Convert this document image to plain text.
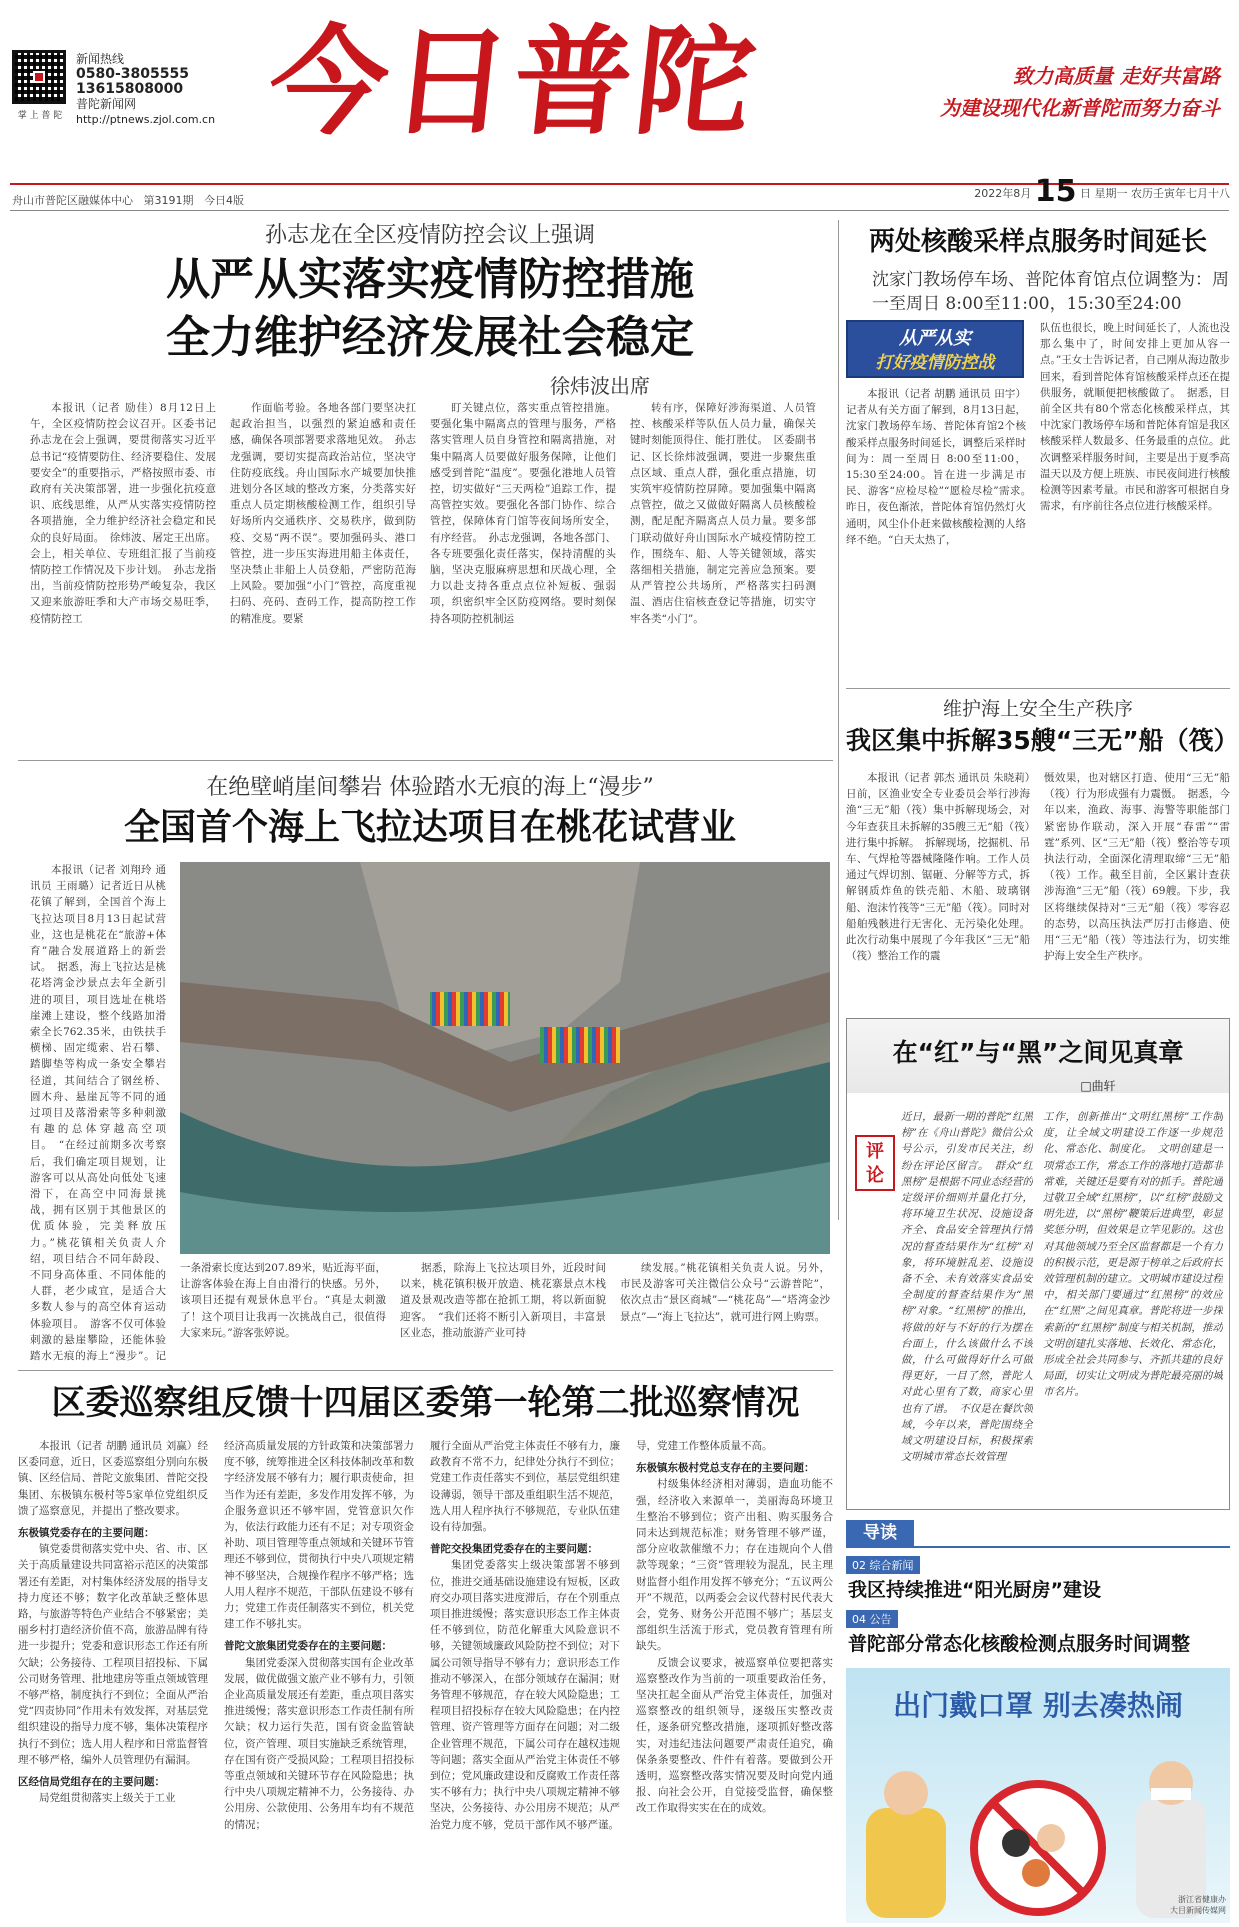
掌 上 普 陀
新闻热线
0580-3805555
13615808000
普陀新闻网
http://ptnews.zjol.com.cn 今日普陀	致力高质量 走好共富路
为建设现代化新普陀而努力奋斗
舟山市普陀区融媒体中心 第3191期 今日4版
2022年8月 15 日 星期一 农历壬寅年七月十八
孙志龙在全区疫情防控会议上强调
从严从实落实疫情防控措施
全力维护经济发展社会稳定
徐炜波出席

本报讯（记者 励佳）8月12日上午，全区疫情防控会议召开。区委书记孙志龙在会上强调，要贯彻落实习近平总书记“疫情要防住、经济要稳住、发展要安全”的重要指示，严格按照市委、市政府有关决策部署，进一步强化抗疫意识、底线思维，从严从实落实疫情防控各项措施，全力维护经济社会稳定和民众的良好局面。　徐炜波、屠定王出席。会上，相关单位、专班组汇报了当前疫情防控工作情况及下步计划。　孙志龙指出，当前疫情防控形势严峻复杂，我区又迎来旅游旺季和大产市场交易旺季，疫情防控工

作面临考验。各地各部门要坚决扛起政治担当，以强烈的紧迫感和责任感，确保各项部署要求落地见效。　孙志龙强调，要切实提高政治站位，坚决守住防疫底线。舟山国际水产城要加快推进划分各区域的整改方案，分类落实好重点人员定期核酸检测工作，组织引导好场所内交通秩序、交易秩序，做到防疫、交易“两不误”。要加强码头、港口管控，进一步压实海进用船主体责任，坚决禁止非船上人员登船，严密防范海上风险。要加强“小门”管控，高度重视扫码、亮码、查码工作，提高防控工作的精准度。要紧

盯关键点位，落实重点管控措施。要强化集中隔离点的管理与服务，严格落实管理人员自身管控和隔离措施，对集中隔离人员要做好服务保障，让他们感受到普陀“温度”。要强化港地人员管控，切实做好“三天两检”追踪工作，提高管控实效。要强化各部门协作、综合管控，保障体育门馆等夜间场所安全，有序经营。　孙志龙强调，各地各部门、各专班要强化责任落实，保持清醒的头脑，坚决克服麻痹思想和厌战心理，全力以赴支持各重点点位补短板、强弱项，织密织牢全区防疫网络。要时刻保持各项防控机制运

转有序，保障好涉海渠道、人员管控、核酸采样等队伍人员力量，确保关键时刻能顶得住、能打胜仗。　区委副书记、区长徐炜波强调，要进一步聚焦重点区域、重点人群，强化重点措施，切实筑牢疫情防控屏障。要加强集中隔离点管控，做之又做做好隔离人员核酸检测，配足配齐隔离点人员力量。要多部门联动做好舟山国际水产城疫情防控工作，围绕车、船、人等关键领域，落实落细相关措施，制定完善应急预案。要从严管控公共场所，严格落实扫码测温、酒店住宿核查登记等措施，切实守牢各类“小门”。

在绝壁峭崖间攀岩 体验踏水无痕的海上“漫步”
全国首个海上飞拉达项目在桃花试营业

本报讯（记者 刘翔玲 通讯员 王雨璐）记者近日从桃花镇了解到，全国首个海上飞拉达项目8月13日起试营业，这也是桃花在“旅游+体育”融合发展道路上的新尝试。　据悉，海上飞拉达是桃花塔湾金沙景点去年全新引进的项目，项目选址在桃塔崖滩上建设，整个线路加滑索全长762.35米，由铁扶手横梯、固定缆索、岩石攀、踏脚垫等构成一条安全攀岩径道，其间结合了钢丝桥、圆木舟、悬崖瓦等不同的通过项目及落滑索等多种刺激有趣的总体穿越高空项目。　“在经过前期多次考察后，我们确定项目规划，让游客可以从高处向低处飞速滑下，在高空中同海景挑战，拥有区别于其他景区的优质体验，完美释放压力。”桃花镇相关负责人介绍，项目结合不同年龄段、不同身高体重、不同体能的人群，老少咸宜，是适合大多数人参与的高空体育运动体验项目。　游客不仅可体验刺激的悬崖攀险，还能体验踏水无痕的海上“漫步”。记

一条滑索长度达到207.89米，贴近海平面，让游客体验在海上自由滑行的快感。另外，该项目还提有观景休息平台。“真是太刺激了！这个项目让我再一次挑战自己，很值得大家来玩。”游客张婷说。

据悉，除海上飞拉达项目外，近段时间以来，桃花镇积极开放造、桃花寨景点木栈道及景观改造等都在抢抓工期，将以新面貌迎客。　“我们还将不断引入新项目，丰富景区业态，推动旅游产业可持

续发展。”桃花镇相关负责人说。另外，市民及游客可关注微信公众号“云游普陀”，依次点击“景区商城”—“桃花岛”—“塔湾金沙景点”—“海上飞拉达”，就可进行网上购票。

区委巡察组反馈十四届区委第一轮第二批巡察情况

本报讯（记者 胡鹏 通讯员 刘赢）经区委同意，近日，区委巡察组分别向东极镇、区经信局、普陀文旅集团、普陀交投集团、东极镇东极村等5家单位党组织反馈了巡察意见，并提出了整改要求。

东极镇党委存在的主要问题：

镇党委贯彻落实党中央、省、市、区关于高质量建设共同富裕示范区的决策部署还有差距，对村集体经济发展的指导支持力度还不够；数字化改革缺乏整体思路，与旅游等特色产业结合不够紧密；美丽乡村打造经济价值不高，旅游品牌有待进一步提升；党委和意识形态工作还有所欠缺；公务接待、工程项目招投标、下属公司财务管理、批地建房等重点领域管理不够严格，制度执行不到位；全面从严治党“四责协同”作用未有效发挥，对基层党组织建设的指导力度不够，集体决策程序执行不到位；选人用人程序和日常监督管理不够严格，编外人员管理仍有漏洞。

区经信局党组存在的主要问题：

局党组贯彻落实上级关于工业

经济高质量发展的方针政策和决策部署力度不够，统筹推进全区科技体制改革和数字经济发展不够有力；履行职责使命，担当作为还有差距，多发作用发挥不够，为企服务意识还不够牢固，党管意识欠作为，依法行政能力还有不足；对专项资金补助、项目管理等重点领域和关键环节管理还不够到位，贯彻执行中央八项规定精神不够坚决，合规操作程序不够严格；选人用人程序不规范，干部队伍建设不够有力；党建工作责任制落实不到位，机关党建工作不够扎实。

普陀文旅集团党委存在的主要问题：

集团党委深入贯彻落实国有企业改革发展，做优做强文旅产业不够有力，引领企业高质量发展还有差距，重点项目落实推进缓慢；落实意识形态工作责任制有所欠缺；权力运行失范，国有资金监管缺位，资产管理、项目实施缺乏系统管理，存在国有资产受损风险；工程项目招投标等重点领域和关键环节存在风险隐患；执行中央八项规定精神不力，公务接待、办公用房、公款使用、公务用车均有不规范的情况；

履行全面从严治党主体责任不够有力，廉政教育不常不力，纪律处分执行不到位；党建工作责任落实不到位，基层党组织建设薄弱，领导干部及重组职生活不规范，选人用人程序执行不够规范，专业队伍建设有待加强。

普陀交投集团党委存在的主要问题：

集团党委落实上级决策部署不够到位，推进交通基础设施建设有短板，区政府交办项目落实进度滞后，存在个别重点项目推进缓慢；落实意识形态工作主体责任不够到位，防范化解重大风险意识不够，关键领域廉政风险防控不到位；对下属公司领导指导不够有力；意识形态工作推动不够深入，在部分领域存在漏洞；财务管理不够规范，存在较大风险隐患；工程项目招投标存在较大风险隐患；在内控管理、资产管理等方面存在问题；对二级企业管理不规范，下属公司存在越权违规等问题；落实全面从严治党主体责任不够到位；党风廉政建设和反腐败工作责任落实不够有力；执行中央八项规定精神不够坚决，公务接待、办公用房不规范；从严治党力度不够，党员干部作风不够严谨。

导，党建工作整体质量不高。

东极镇东极村党总支存在的主要问题：

村级集体经济相对薄弱，造血功能不强，经济收入来源单一，美丽海岛环境卫生整治不够到位；资产出租、购买服务合同未达到规范标准；财务管理不够严谨，部分应收款催缴不力；存在违规向个人借款等现象；“三资”管理较为混乱，民主理财监督小组作用发挥不够充分；“五议两公开”不规范，以两委会会议代替村民代表大会，党务、财务公开范围不够广；基层支部组织生活流于形式，党员教育管理有所缺失。

反馈会议要求，被巡察单位要把落实巡察整改作为当前的一项重要政治任务，坚决扛起全面从严治党主体责任，加强对巡察整改的组织领导，逐级压实整改责任，逐条研究整改措施，逐项抓好整改落实，对违纪违法问题要严肃责任追究，确保条条要整改、件件有着落。要做到公开透明，巡察整改落实情况要及时向党内通报、向社会公开，自觉接受监督，确保整改工作取得实实在在的成效。

两处核酸采样点服务时间延长
沈家门教场停车场、普陀体育馆点位调整为：周一至周日 8:00至11:00，15:30至24:00
从严从实
打好疫情防控战

本报讯（记者 胡鹏 通讯员 田宇）记者从有关方面了解到，8月13日起，沈家门教场停车场、普陀体育馆2个核酸采样点服务时间延长，调整后采样时间为：周一至周日 8:00至11:00，15:30至24:00。旨在进一步满足市民、游客“应检尽检”“愿检尽检”需求。　昨日，夜色渐浓，普陀体育馆仍然灯火通明，风尘仆仆赶来做核酸检测的人络绎不绝。“白天太热了，

队伍也很长，晚上时间延长了，人流也没那么集中了，时间安排上更加从容一点。”王女士告诉记者，自己刚从海边散步回来，看到普陀体育馆核酸采样点还在提供服务，就顺便把核酸做了。　据悉，目前全区共有80个常态化核酸采样点，其中沈家门教场停车场和普陀体育馆是我区核酸采样人数最多、任务最重的点位。此次调整采样服务时间，主要是出于夏季高温天以及方便上班族、市民夜间进行核酸检测等因素考量。市民和游客可根据自身需求，有序前往各点位进行核酸采样。

维护海上安全生产秩序
我区集中拆解35艘“三无”船（筏）

本报讯（记者 郭杰 通讯员 朱晓莉）日前，区渔业安全专业委员会举行涉海渔“三无”船（筏）集中拆解现场会，对今年查获且未拆解的35艘三无“船（筏）进行集中拆解。　拆解现场，挖掘机、吊车、气焊枪等器械隆隆作响。工作人员通过气焊切割、锯砸、分解等方式，拆解钢质炸鱼的铁壳船、木船、玻璃钢船、泡沫竹筏等“三无”船（筏）。同时对船舶残骸进行无害化、无污染化处理。此次行动集中展现了今年我区“三无”船（筏）整治工作的震

慑效果，也对辖区打造、使用“三无”船（筏）行为形成强有力震慑。　据悉，今年以来，渔政、海事、海警等职能部门紧密协作联动，深入开展“春雷”“雷霆”系列、区“三无”船（筏）整治等专项执法行动，全面深化清理取缔“三无”船（筏）工作。截至目前，全区累计查获涉海渔“三无”船（筏）69艘。下步，我区将继续保持对“三无”船（筏）零容忍的态势，以高压执法严厉打击修造、使用“三无”船（筏）等违法行为，切实维护海上安全生产秩序。

在“红”与“黑”之间见真章
□曲轩
评
论

近日，最新一期的普陀“红黑榜”在《舟山普陀》微信公众号公示，引发市民关注，纷纷在评论区留言。　群众“红黑榜”是根据不同业态经营的定级评价细则并量化打分，将环境卫生状况、设施设备齐全、食品安全管理执行情况的督查结果作为“红榜”对象，将环境脏乱差、设施设备不全、未有效落实食品安全制度的督查结果作为“黑榜”对象。“红黑榜”的推出，将做的好与不好的行为摆在台面上，什么该做什么不该做，什么可做得好什么可做得更好，一目了然，普陀人对此心里有了数，商家心里也有了谱。　不仅是在餐饮领域，今年以来，普陀围绕全域文明建设目标，积极探索文明城市常态长效管理

工作，创新推出“文明红黑榜”工作制度，让全域文明建设工作逐一步规范化、常态化、制度化。　文明创建是一项常态工作，常态工作的落地打造都非常难，关键还是要有对的抓手。普陀通过敬卫全域“红黑榜”，以“红榜”鼓励文明先进，以“黑榜”鞭策后进典型，彰显奖惩分明，但效果是立竿见影的。这也对其他领域乃至全区监督都是一个有力的积极示范，更是源于榜单之后政府长效管理机制的建立。文明城市建设过程中，相关部门要通过“红黑榜”的效应在“红黑”之间见真章。普陀将进一步探索新的“红黑榜”制度与相关机制，推动文明创建扎实落地、长效化、常态化，形成全社会共同参与、齐抓共建的良好局面，切实让文明成为普陀最亮丽的城市名片。

导读
02 综合新闻
我区持续推进“阳光厨房”建设
04 公告
普陀部分常态化核酸检测点服务时间调整
出门戴口罩 别去凑热闹
浙江省健康办
大目新闻传媒网
